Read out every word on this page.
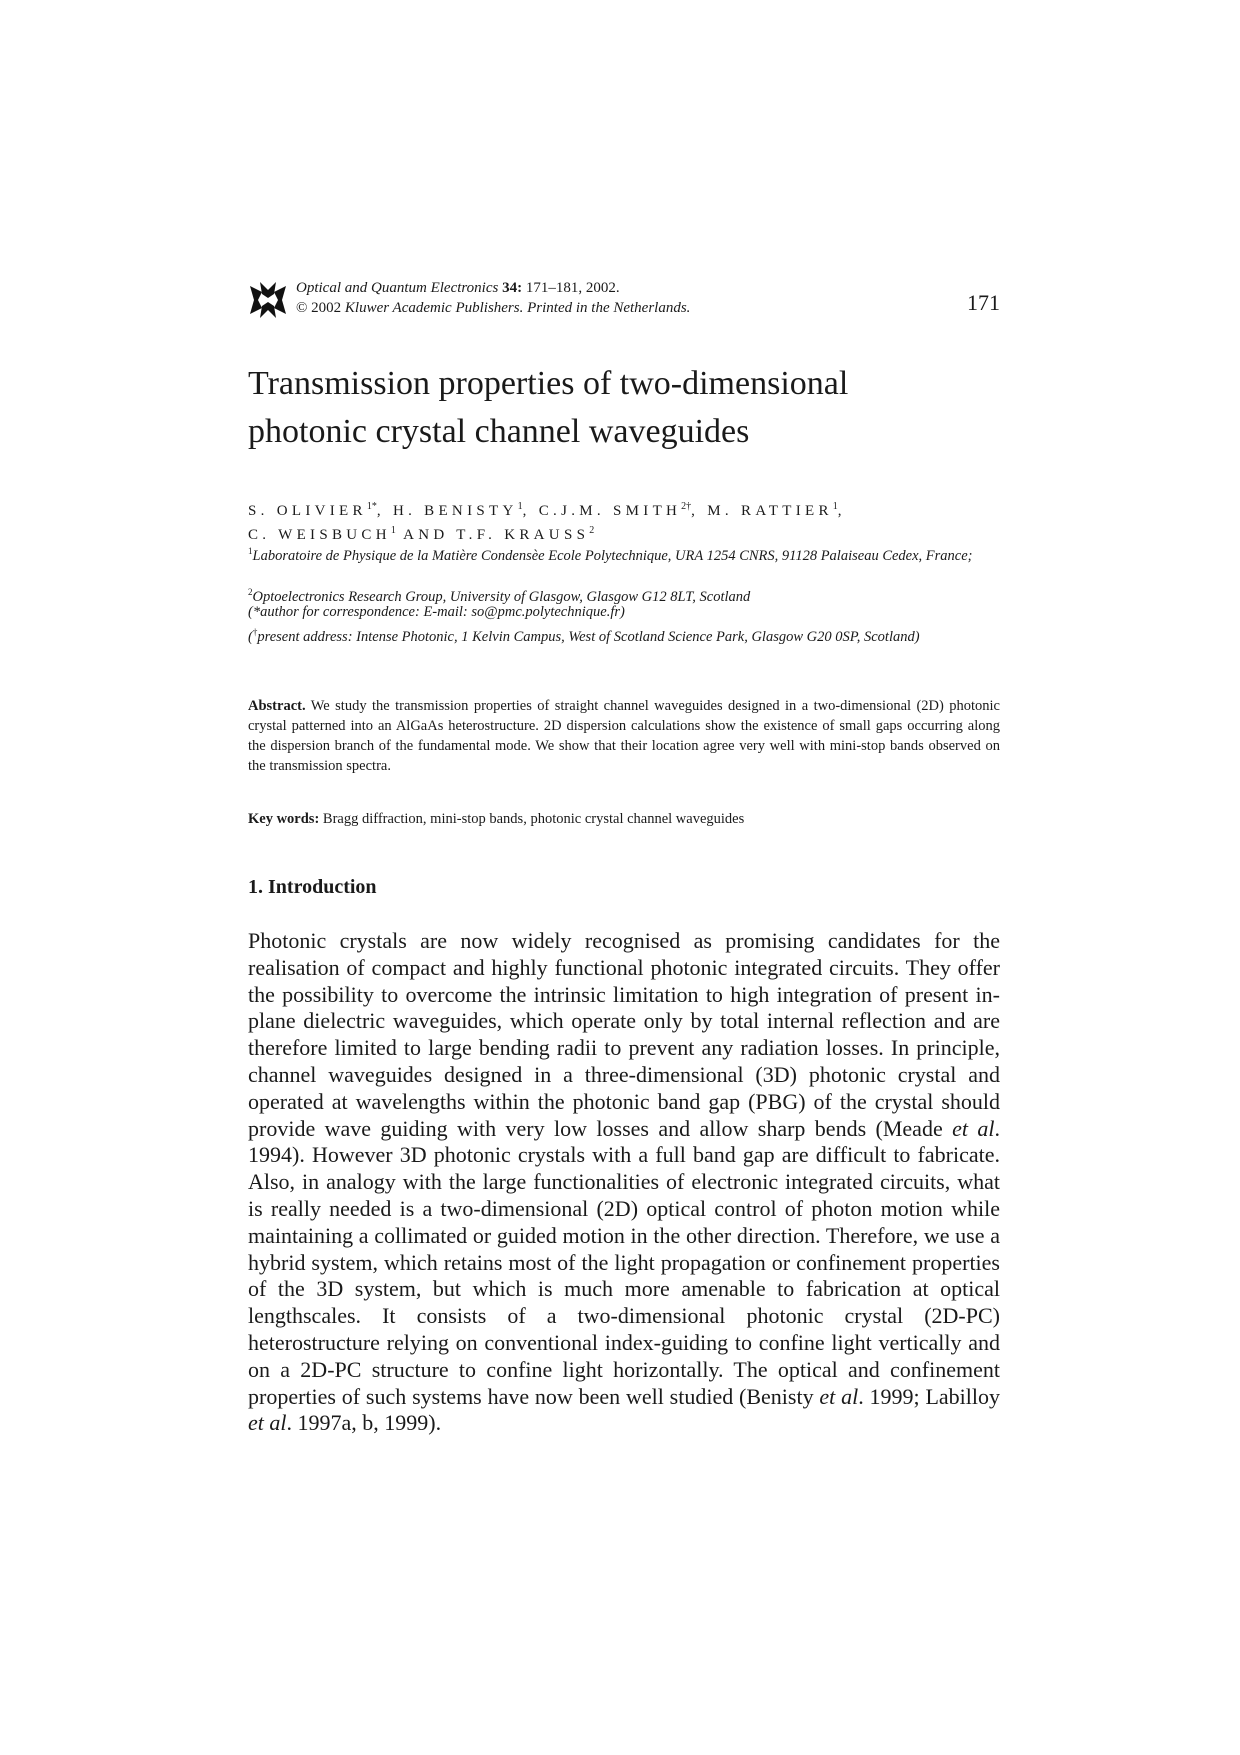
Optical and Quantum Electronics 34: 171–181, 2002.
© 2002 Kluwer Academic Publishers. Printed in the Netherlands.	171
Transmission properties of two-dimensional
photonic crystal channel waveguides
S. $OLIVIER^{1*}$, H. BENISTY$^1$, C.J.M. $SMITH^{2\dagger}$, M. RATTIER$^1$,
C. WEISBUCH$^1$ AND T.F. KRAUSS$^2$
$^1$Laboratoire de Physique de la Matière Condensèe Ecole Polytechnique, URA 1254 CNRS, 91128 Palaiseau Cedex, France;
$^2$Optoelectronics Research Group, University of Glasgow, Glasgow G12 8LT, Scotland
(*author for correspondence: E-mail: so@pmc.polytechnique.fr)
(†present address: Intense Photonic, 1 Kelvin Campus, West of Scotland Science Park, Glasgow G20 0SP, Scotland)
Abstract. We study the transmission properties of straight channel waveguides designed in a two-dimensional (2D) photonic crystal patterned into an AlGaAs heterostructure. 2D dispersion calculations show the existence of small gaps occurring along the dispersion branch of the fundamental mode. We show that their location agree very well with mini-stop bands observed on the transmission spectra.
Key words: Bragg diffraction, mini-stop bands, photonic crystal channel waveguides
1. Introduction

Photonic crystals are now widely recognised as promising candidates for the realisation of compact and highly functional photonic integrated circuits. They offer the possibility to overcome the intrinsic limitation to high integration of present in-plane dielectric waveguides, which operate only by total internal reflection and are therefore limited to large bending radii to prevent any radiation losses. In principle, channel waveguides designed in a three-dimensional (3D) photonic crystal and operated at wavelengths within the photonic band gap (PBG) of the crystal should provide wave guiding with very low losses and allow sharp bends (Meade et al. 1994). However 3D photonic crystals with a full band gap are difficult to fabricate. Also, in analogy with the large functionalities of electronic integrated circuits, what is really needed is a two-dimensional (2D) optical control of photon motion while maintaining a collimated or guided motion in the other direction. Therefore, we use a hybrid system, which retains most of the light propagation or confinement properties of the 3D system, but which is much more amenable to fabrication at optical lengthscales. It consists of a two-dimensional photonic crystal (2D-PC) heterostructure relying on conventional index-guiding to confine light vertically and on a 2D-PC structure to confine light horizontally. The optical and confinement properties of such systems have now been well studied (Benisty et al. 1999; Labilloy et al. 1997a, b, 1999).
